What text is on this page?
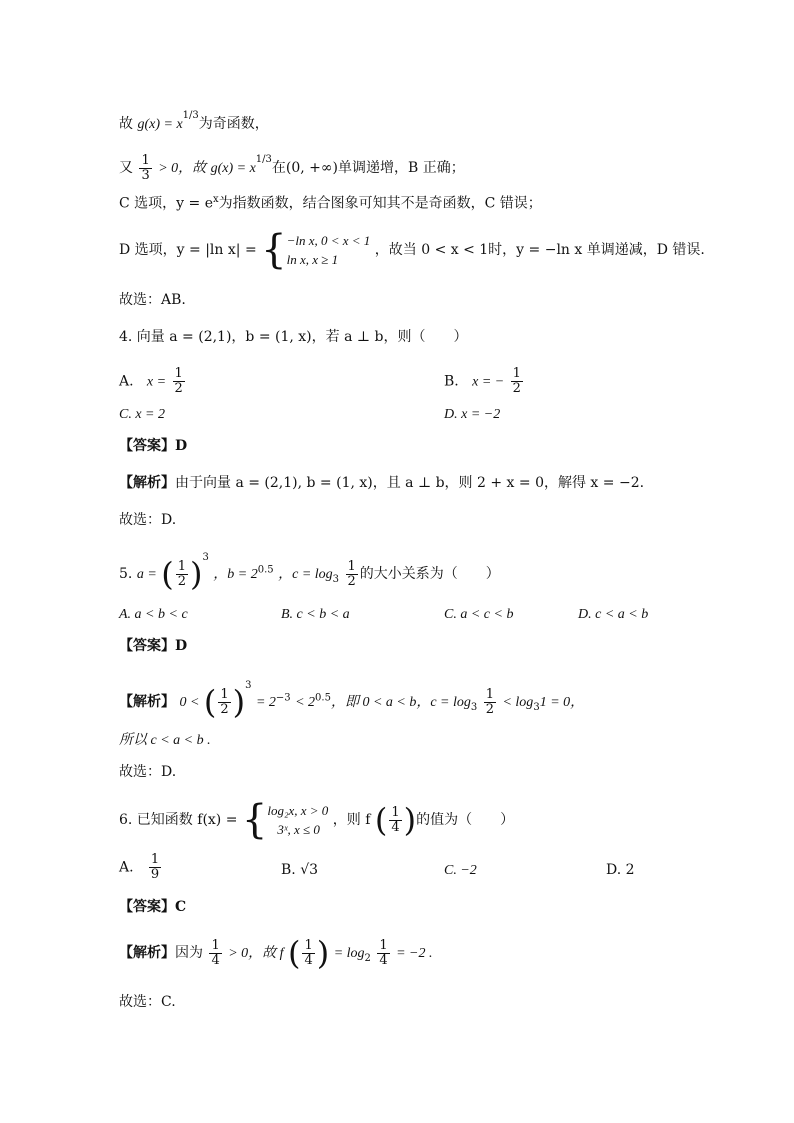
故 $g(x) = x^{1/3}$为奇函数，
又 $\frac{1}{3} > 0$，故 $g(x) = x^{1/3}$在(0, +∞)单调递增，B 正确；
C 选项，$y = e^x$为指数函数，结合图象可知其不是奇函数，C 错误；
D 选项，y = |ln x| = { −ln x, 0 < x < 1
ln x, x ≥ 1
，故当 0 < x < 1时，y = −ln x 单调递减，D 错误.
故选：AB.
4. 向量 a = (2,1)，b = (1, x)，若 a ⊥ b，则（　　）
A. $x = \frac{1}{2}$	B. x = − $\frac{1}{2}$
C. x = 2	D. x = −2
【答案】D
【解析】由于向量 a = (2,1), b = (1, x)，且 a ⊥ b，则 2 + x = 0，解得 x = −2.
故选：D.
5. a = ( $\frac{1}{2}$ ) $^3$ ，$b = 2^{0.5}$ ，$c = \log_3 \frac{1}{2}$ 的大小关系为（　　）
A. a < b < c	B. c < b < a	C. a < c < b	D. c < a < b
【答案】D
【解析】 0 < ( $\frac{1}{2}$ ) $^3 = 2^{-3} < 2^{0.5}$，即 0 < a < b，$c = \log_3 \frac{1}{2} < \log_31 = 0$，
所以 c < a < b .
故选：D.
6. 已知函数 f(x) = { log₂x, x > 0
3ˣ, x ≤ 0
，则 f ( $\frac{1}{4}$ ) 的值为（　　）
A. $\frac{1}{9}$	B. √3	C. −2	D. 2
【答案】C
【解析】因为 $\frac{1}{4} > 0$，故 f ( $\frac{1}{4}$ ) = $\log_2 \frac{1}{4} = -2$ .
故选：C.
